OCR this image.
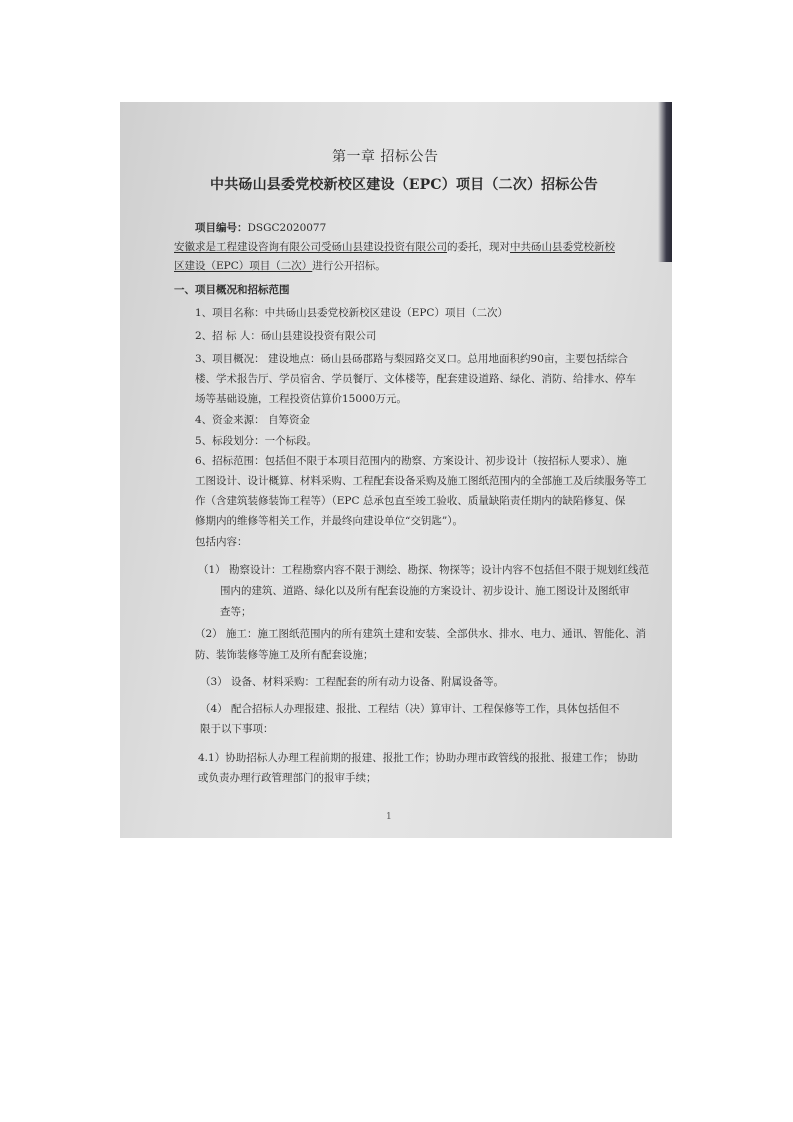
第一章 招标公告
中共砀山县委党校新校区建设（EPC）项目（二次）招标公告
项目编号：DSGC2020077
安徽求是工程建设咨询有限公司受砀山县建设投资有限公司的委托，现对中共砀山县委党校新校
区建设（EPC）项目（二次）进行公开招标。
一、项目概况和招标范围
1、项目名称：中共砀山县委党校新校区建设（EPC）项目（二次）
2、招 标 人：砀山县建设投资有限公司
3、项目概况： 建设地点：砀山县砀郡路与梨园路交叉口。总用地面积约90亩，主要包括综合
楼、学术报告厅、学员宿舍、学员餐厅、文体楼等，配套建设道路、绿化、消防、给排水、停车
场等基础设施，工程投资估算价15000万元。
4、资金来源： 自筹资金
5、标段划分：一个标段。
6、招标范围：包括但不限于本项目范围内的勘察、方案设计、初步设计（按招标人要求）、施
工图设计、设计概算、材料采购、工程配套设备采购及施工图纸范围内的全部施工及后续服务等工
作（含建筑装修装饰工程等）（EPC 总承包直至竣工验收、质量缺陷责任期内的缺陷修复、保
修期内的维修等相关工作，并最终向建设单位“交钥匙”）。
包括内容：
（1） 勘察设计：工程勘察内容不限于测绘、勘探、物探等；设计内容不包括但不限于规划红线范
围内的建筑、道路、绿化以及所有配套设施的方案设计、初步设计、施工图设计及图纸审
查等；
（2） 施工：施工图纸范围内的所有建筑土建和安装、全部供水、排水、电力、通讯、智能化、消
防、装饰装修等施工及所有配套设施；
（3） 设备、材料采购：工程配套的所有动力设备、附属设备等。
（4） 配合招标人办理报建、报批、工程结（决）算审计、工程保修等工作，具体包括但不
限于以下事项：
4.1）协助招标人办理工程前期的报建、报批工作；协助办理市政管线的报批、报建工作； 协助
或负责办理行政管理部门的报审手续；
1
